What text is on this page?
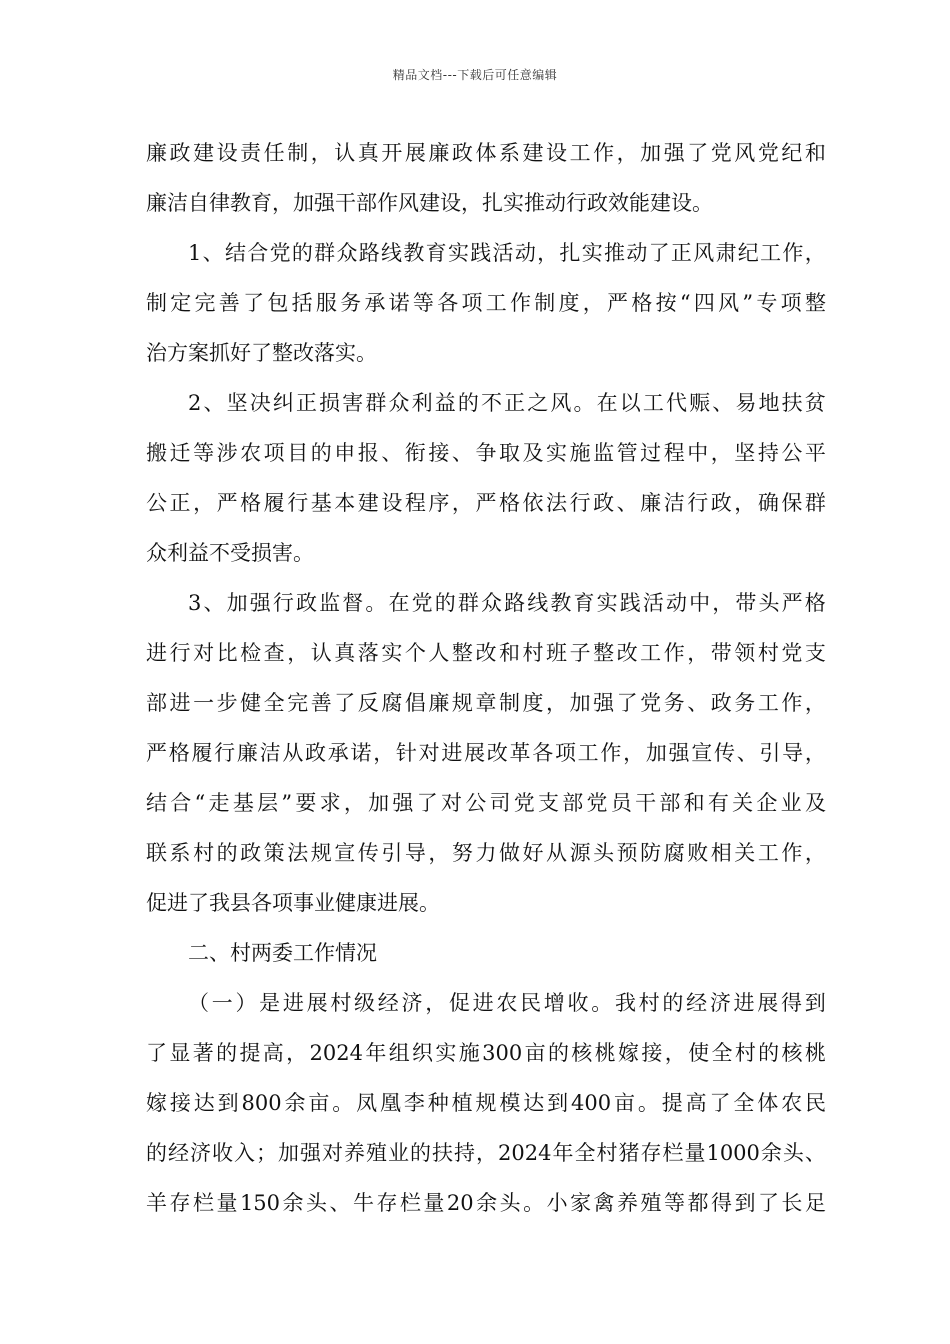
精品文档---下载后可任意编辑
廉 政 建 设 责 任 制 ， 认 真 开 展 廉 政 体 系 建 设 工 作 ， 加 强 了 党 风 党 纪 和
廉洁自律教育，加强干部作风建设，扎实推动行政效能建设。
1 、 结 合 党 的 群 众 路 线 教 育 实 践 活 动 ， 扎 实 推 动 了 正 风 肃 纪 工 作 ，
制 定 完 善 了 包 括 服 务 承 诺 等 各 项 工 作 制 度 ， 严 格 按 “ 四 风 ” 专 项 整
治方案抓好了整改落实。
2 、 坚 决 纠 正 损 害 群 众 利 益 的 不 正 之 风 。 在 以 工 代 赈 、 易 地 扶 贫
搬 迁 等 涉 农 项 目 的 申 报 、 衔 接 、 争 取 及 实 施 监 管 过 程 中 ， 坚 持 公 平
公 正 ， 严 格 履 行 基 本 建 设 程 序 ， 严 格 依 法 行 政 、 廉 洁 行 政 ， 确 保 群
众利益不受损害。
3 、 加 强 行 政 监 督 。 在 党 的 群 众 路 线 教 育 实 践 活 动 中 ， 带 头 严 格
进 行 对 比 检 查 ， 认 真 落 实 个 人 整 改 和 村 班 子 整 改 工 作 ， 带 领 村 党 支
部 进 一 步 健 全 完 善 了 反 腐 倡 廉 规 章 制 度 ， 加 强 了 党 务 、 政 务 工 作 ，
严 格 履 行 廉 洁 从 政 承 诺 ， 针 对 进 展 改 革 各 项 工 作 ， 加 强 宣 传 、 引 导 ，
结 合 “ 走 基 层 ” 要 求 ， 加 强 了 对 公 司 党 支 部 党 员 干 部 和 有 关 企 业 及
联 系 村 的 政 策 法 规 宣 传 引 导 ， 努 力 做 好 从 源 头 预 防 腐 败 相 关 工 作 ，
促进了我县各项事业健康进展。
二、村两委工作情况
（ 一 ） 是 进 展 村 级 经 济 ， 促 进 农 民 增 收 。 我 村 的 经 济 进 展 得 到
了 显 著 的 提 高 ， 2024 年 组 织 实 施 300 亩 的 核 桃 嫁 接 ， 使 全 村 的 核 桃
嫁 接 达 到 800 余 亩 。 凤 凰 李 种 植 规 模 达 到 400 亩 。 提 高 了 全 体 农 民
的 经 济 收 入 ； 加 强 对 养 殖 业 的 扶 持 ， 2024 年 全 村 猪 存 栏 量 1000 余 头 、
羊 存 栏 量 150 余 头 、 牛 存 栏 量 20 余 头 。 小 家 禽 养 殖 等 都 得 到 了 长 足
